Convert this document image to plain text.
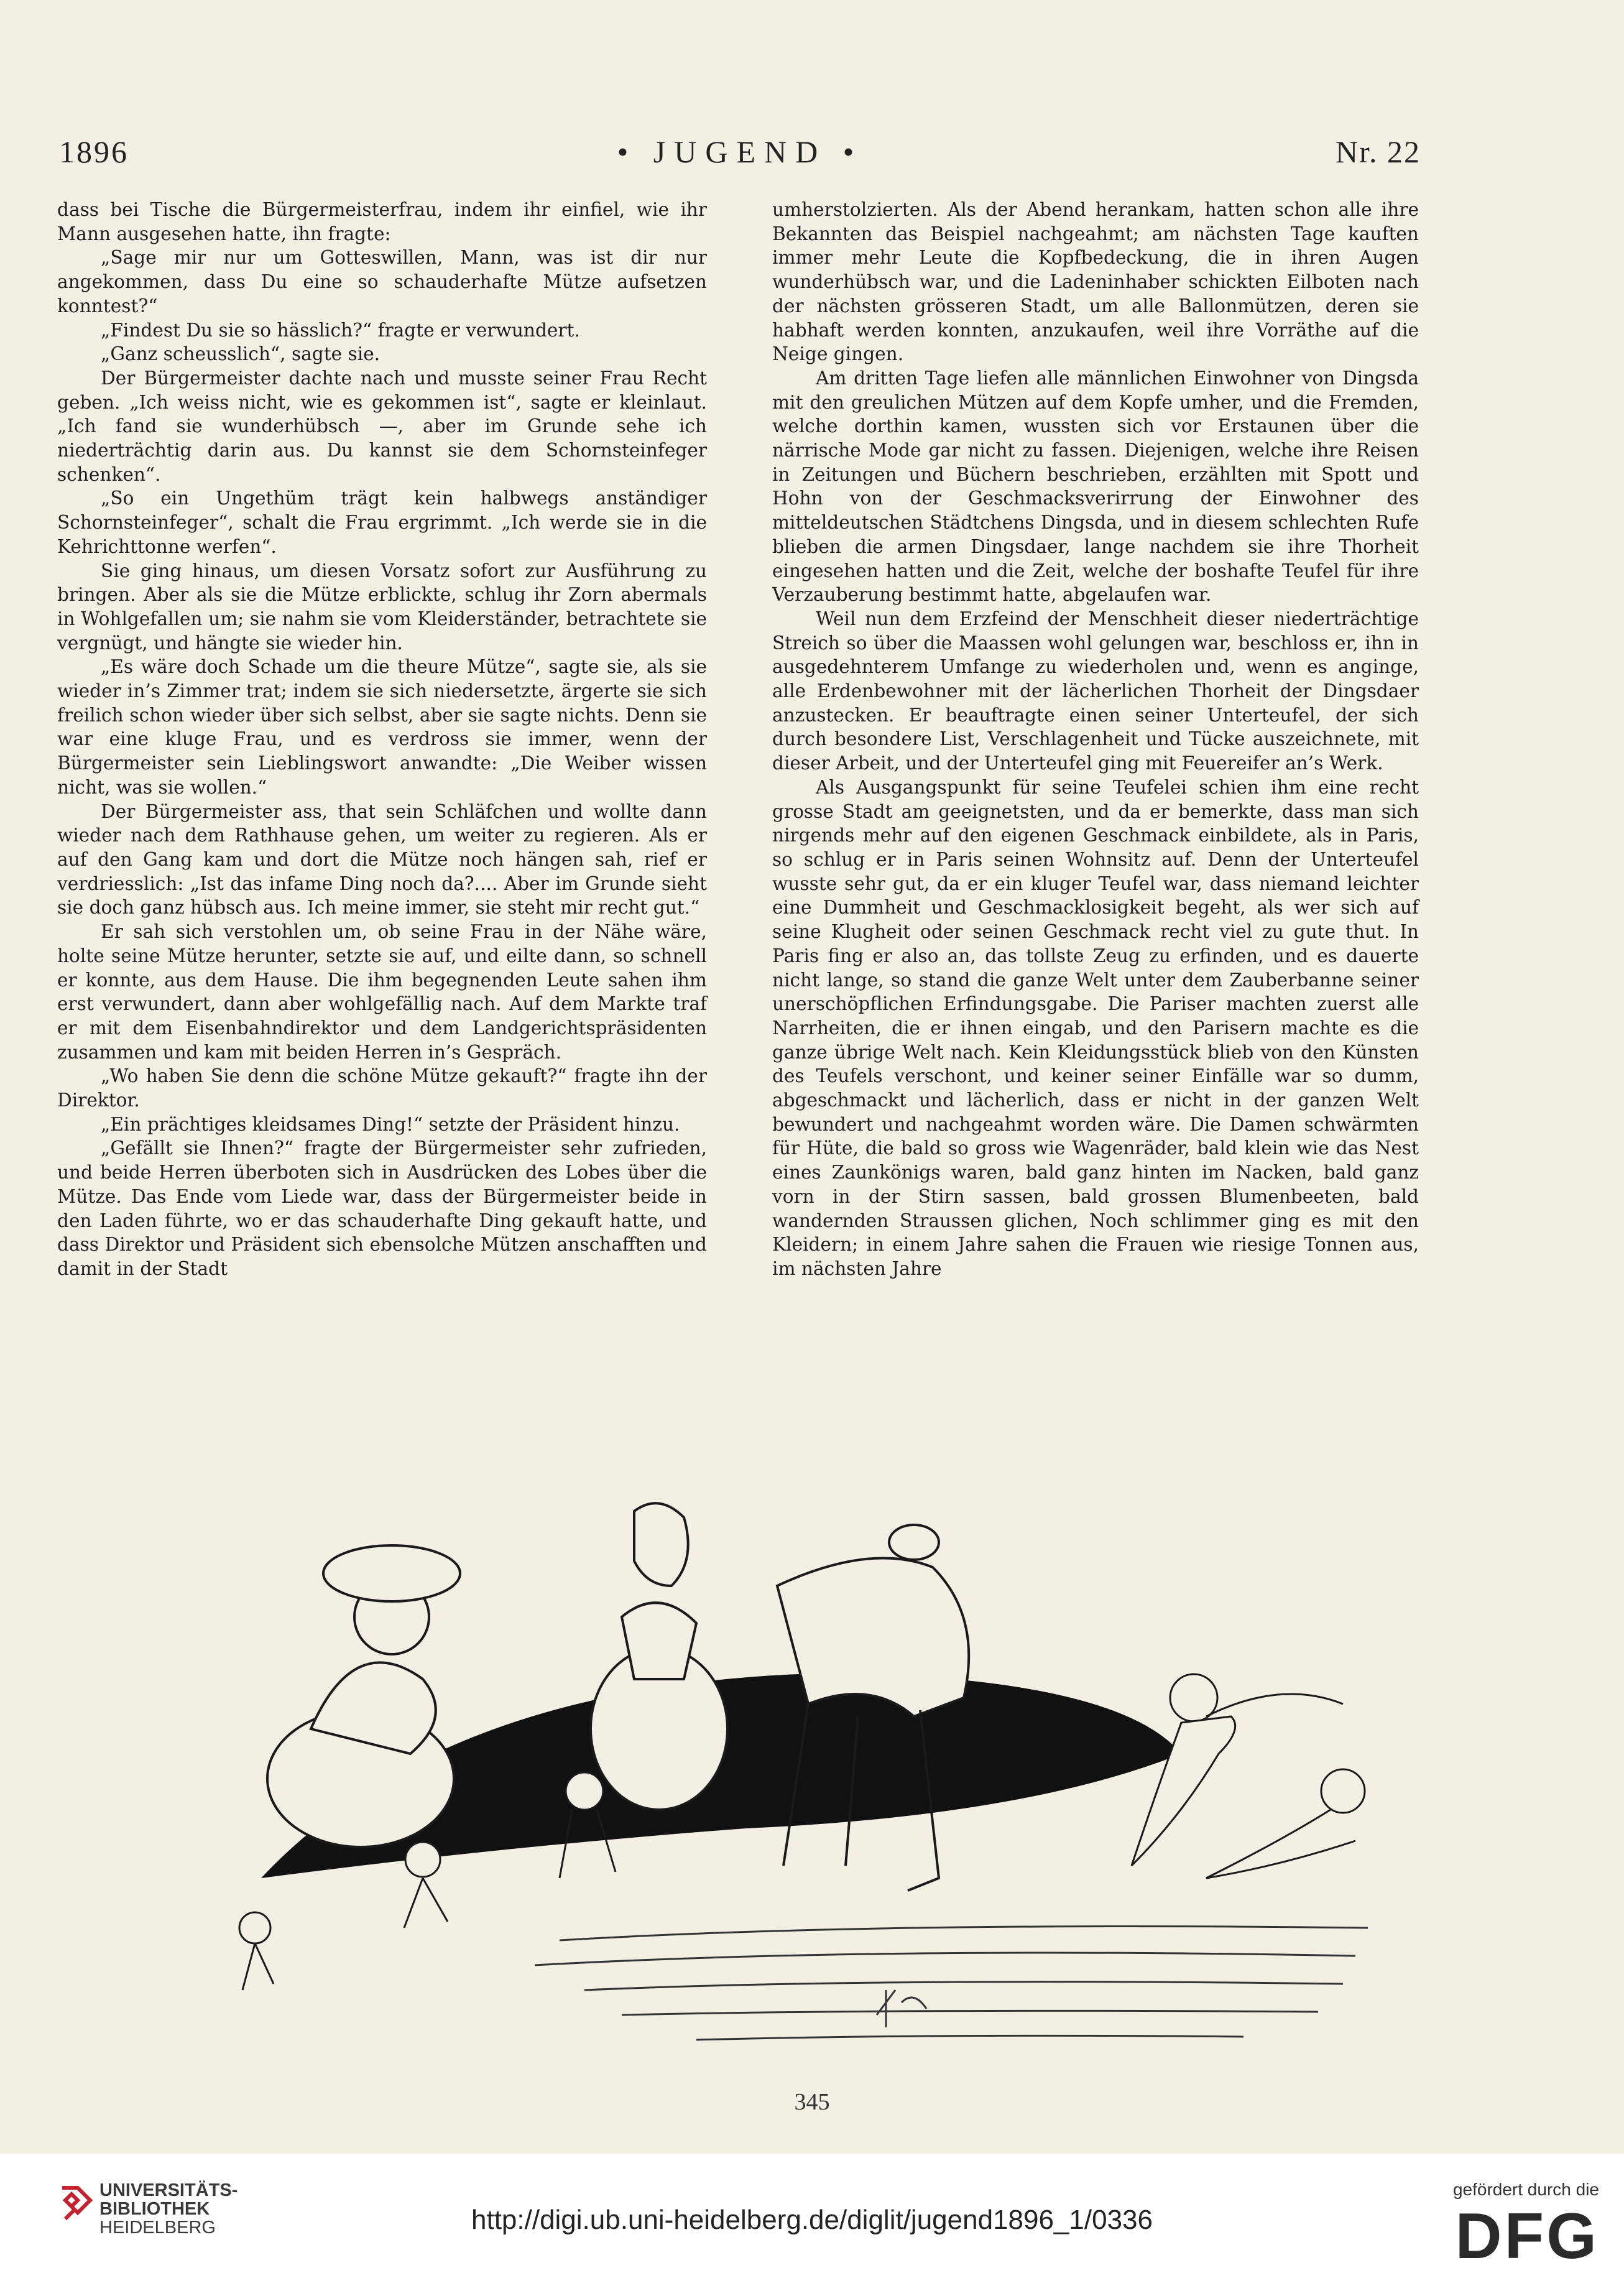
1896	• JUGEND •	Nr. 22

dass bei Tische die Bürgermeisterfrau, indem ihr einfiel, wie ihr Mann ausgesehen hatte, ihn fragte:

„Sage mir nur um Gotteswillen, Mann, was ist dir nur angekommen, dass Du eine so schauderhafte Mütze aufsetzen konntest?“

„Findest Du sie so hässlich?“ fragte er verwundert.

„Ganz scheusslich“, sagte sie.

Der Bürgermeister dachte nach und musste seiner Frau Recht geben. „Ich weiss nicht, wie es gekommen ist“, sagte er kleinlaut. „Ich fand sie wunderhübsch —, aber im Grunde sehe ich niederträchtig darin aus. Du kannst sie dem Schornsteinfeger schenken“.

„So ein Ungethüm trägt kein halbwegs anständiger Schornsteinfeger“, schalt die Frau ergrimmt. „Ich werde sie in die Kehrichttonne werfen“.

Sie ging hinaus, um diesen Vorsatz sofort zur Ausführung zu bringen. Aber als sie die Mütze erblickte, schlug ihr Zorn abermals in Wohlgefallen um; sie nahm sie vom Kleiderständer, betrachtete sie vergnügt, und hängte sie wieder hin.

„Es wäre doch Schade um die theure Mütze“, sagte sie, als sie wieder in’s Zimmer trat; indem sie sich niedersetzte, ärgerte sie sich freilich schon wieder über sich selbst, aber sie sagte nichts. Denn sie war eine kluge Frau, und es verdross sie immer, wenn der Bürgermeister sein Lieblingswort anwandte: „Die Weiber wissen nicht, was sie wollen.“

Der Bürgermeister ass, that sein Schläfchen und wollte dann wieder nach dem Rathhause gehen, um weiter zu regieren. Als er auf den Gang kam und dort die Mütze noch hängen sah, rief er verdriesslich: „Ist das infame Ding noch da?.... Aber im Grunde sieht sie doch ganz hübsch aus. Ich meine immer, sie steht mir recht gut.“

Er sah sich verstohlen um, ob seine Frau in der Nähe wäre, holte seine Mütze herunter, setzte sie auf, und eilte dann, so schnell er konnte, aus dem Hause. Die ihm begegnenden Leute sahen ihm erst verwundert, dann aber wohlgefällig nach. Auf dem Markte traf er mit dem Eisenbahndirektor und dem Landgerichtspräsidenten zusammen und kam mit beiden Herren in’s Gespräch.

„Wo haben Sie denn die schöne Mütze gekauft?“ fragte ihn der Direktor.

„Ein prächtiges kleidsames Ding!“ setzte der Präsident hinzu.

„Gefällt sie Ihnen?“ fragte der Bürgermeister sehr zufrieden, und beide Herren überboten sich in Ausdrücken des Lobes über die Mütze. Das Ende vom Liede war, dass der Bürgermeister beide in den Laden führte, wo er das schauderhafte Ding gekauft hatte, und dass Direktor und Präsident sich ebensolche Mützen anschafften und damit in der Stadt

umherstolzierten. Als der Abend herankam, hatten schon alle ihre Bekannten das Beispiel nachgeahmt; am nächsten Tage kauften immer mehr Leute die Kopfbedeckung, die in ihren Augen wunderhübsch war, und die Ladeninhaber schickten Eilboten nach der nächsten grösseren Stadt, um alle Ballonmützen, deren sie habhaft werden konnten, anzukaufen, weil ihre Vorräthe auf die Neige gingen.

Am dritten Tage liefen alle männlichen Einwohner von Dingsda mit den greulichen Mützen auf dem Kopfe umher, und die Fremden, welche dorthin kamen, wussten sich vor Erstaunen über die närrische Mode gar nicht zu fassen. Diejenigen, welche ihre Reisen in Zeitungen und Büchern beschrieben, erzählten mit Spott und Hohn von der Geschmacksverirrung der Einwohner des mitteldeutschen Städtchens Dingsda, und in diesem schlechten Rufe blieben die armen Dingsdaer, lange nachdem sie ihre Thorheit eingesehen hatten und die Zeit, welche der boshafte Teufel für ihre Verzauberung bestimmt hatte, abgelaufen war.

Weil nun dem Erzfeind der Menschheit dieser niederträchtige Streich so über die Maassen wohl gelungen war, beschloss er, ihn in ausgedehnterem Umfange zu wiederholen und, wenn es anginge, alle Erdenbewohner mit der lächerlichen Thorheit der Dingsdaer anzustecken. Er beauftragte einen seiner Unterteufel, der sich durch besondere List, Verschlagenheit und Tücke auszeichnete, mit dieser Arbeit, und der Unterteufel ging mit Feuereifer an’s Werk.

Als Ausgangspunkt für seine Teufelei schien ihm eine recht grosse Stadt am geeignetsten, und da er bemerkte, dass man sich nirgends mehr auf den eigenen Geschmack einbildete, als in Paris, so schlug er in Paris seinen Wohnsitz auf. Denn der Unterteufel wusste sehr gut, da er ein kluger Teufel war, dass niemand leichter eine Dummheit und Geschmacklosigkeit begeht, als wer sich auf seine Klugheit oder seinen Geschmack recht viel zu gute thut. In Paris fing er also an, das tollste Zeug zu erfinden, und es dauerte nicht lange, so stand die ganze Welt unter dem Zauberbanne seiner unerschöpflichen Erfindungsgabe. Die Pariser machten zuerst alle Narrheiten, die er ihnen eingab, und den Parisern machte es die ganze übrige Welt nach. Kein Kleidungsstück blieb von den Künsten des Teufels verschont, und keiner seiner Einfälle war so dumm, abgeschmackt und lächerlich, dass er nicht in der ganzen Welt bewundert und nachgeahmt worden wäre. Die Damen schwärmten für Hüte, die bald so gross wie Wagenräder, bald klein wie das Nest eines Zaunkönigs waren, bald ganz hinten im Nacken, bald ganz vorn in der Stirn sassen, bald grossen Blumenbeeten, bald wandernden Straussen glichen, Noch schlimmer ging es mit den Kleidern; in einem Jahre sahen die Frauen wie riesige Tonnen aus, im nächsten Jahre

345
UNIVERSITÄTS-
BIBLIOTHEK
HEIDELBERG	http://digi.ub.uni-heidelberg.de/diglit/jugend1896_1/0336
gefördert durch die
DFG
